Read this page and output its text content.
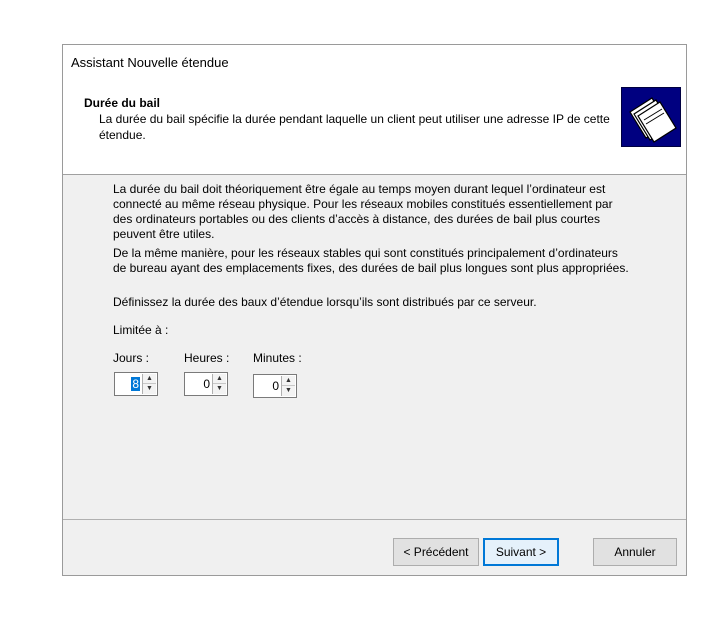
Assistant Nouvelle étendue
Durée du bail
La durée du bail spécifie la durée pendant laquelle un client peut utiliser une adresse IP de cette étendue.
La durée du bail doit théoriquement être égale au temps moyen durant lequel l’ordinateur est connecté au même réseau physique. Pour les réseaux mobiles constitués essentiellement par des ordinateurs portables ou des clients d’accès à distance, des durées de bail plus courtes peuvent être utiles.
De la même manière, pour les réseaux stables qui sont constitués principalement d’ordinateurs de bureau ayant des emplacements fixes, des durées de bail plus longues sont plus appropriées.
Définissez la durée des baux d’étendue lorsqu’ils sont distribués par ce serveur.
Limitée à :
Jours :	Heures : Minutes :
8	▲
▼	0 ▲
▼	0 ▲
▼
< Précédent	Suivant >	Annuler
